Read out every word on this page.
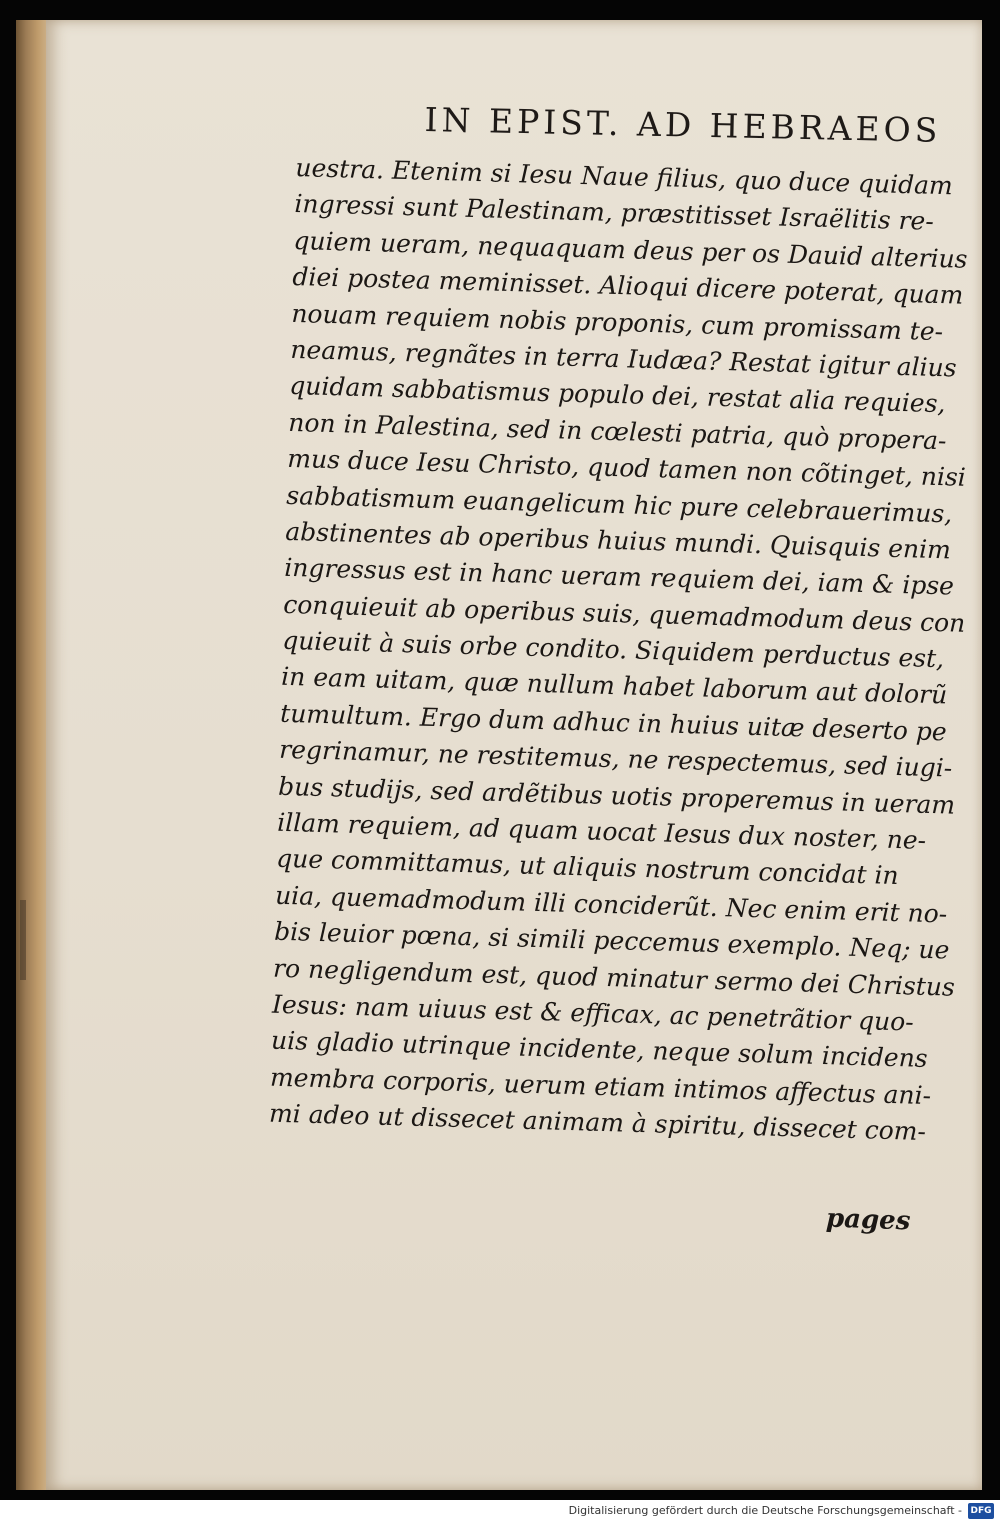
IN EPIST. AD HEBRAEOS
uestra. Etenim si Iesu Naue filius, quo duce quidam
ingressi sunt Palestinam, præstitisset Israëlitis re-
quiem ueram, nequaquam deus per os Dauid alterius
diei postea meminisset. Alioqui dicere poterat, quam
nouam requiem nobis proponis, cum promissam te-
neamus, regnãtes in terra Iudæa? Restat igitur alius
quidam sabbatismus populo dei, restat alia requies,
non in Palestina, sed in cœlesti patria, quò propera-
mus duce Iesu Christo, quod tamen non cõtinget, nisi
sabbatismum euangelicum hic pure celebrauerimus,
abstinentes ab operibus huius mundi. Quisquis enim
ingressus est in hanc ueram requiem dei, iam & ipse
conquieuit ab operibus suis, quemadmodum deus con
quieuit à suis orbe condito. Siquidem perductus est,
in eam uitam, quæ nullum habet laborum aut dolorũ
tumultum. Ergo dum adhuc in huius uitæ deserto pe
regrinamur, ne restitemus, ne respectemus, sed iugi-
bus studijs, sed ardẽtibus uotis properemus in ueram
illam requiem, ad quam uocat Iesus dux noster, ne-
que committamus, ut aliquis nostrum concidat in
uia, quemadmodum illi conciderũt. Nec enim erit no-
bis leuior pœna, si simili peccemus exemplo. Neq; ue
ro negligendum est, quod minatur sermo dei Christus
Iesus: nam uiuus est & efficax, ac penetrãtior quo-
uis gladio utrinque incidente, neque solum incidens
membra corporis, uerum etiam intimos affectus ani-
mi adeo ut dissecet animam à spiritu, dissecet com-
pages
Digitalisierung gefördert durch die Deutsche Forschungsgemeinschaft - DFG
